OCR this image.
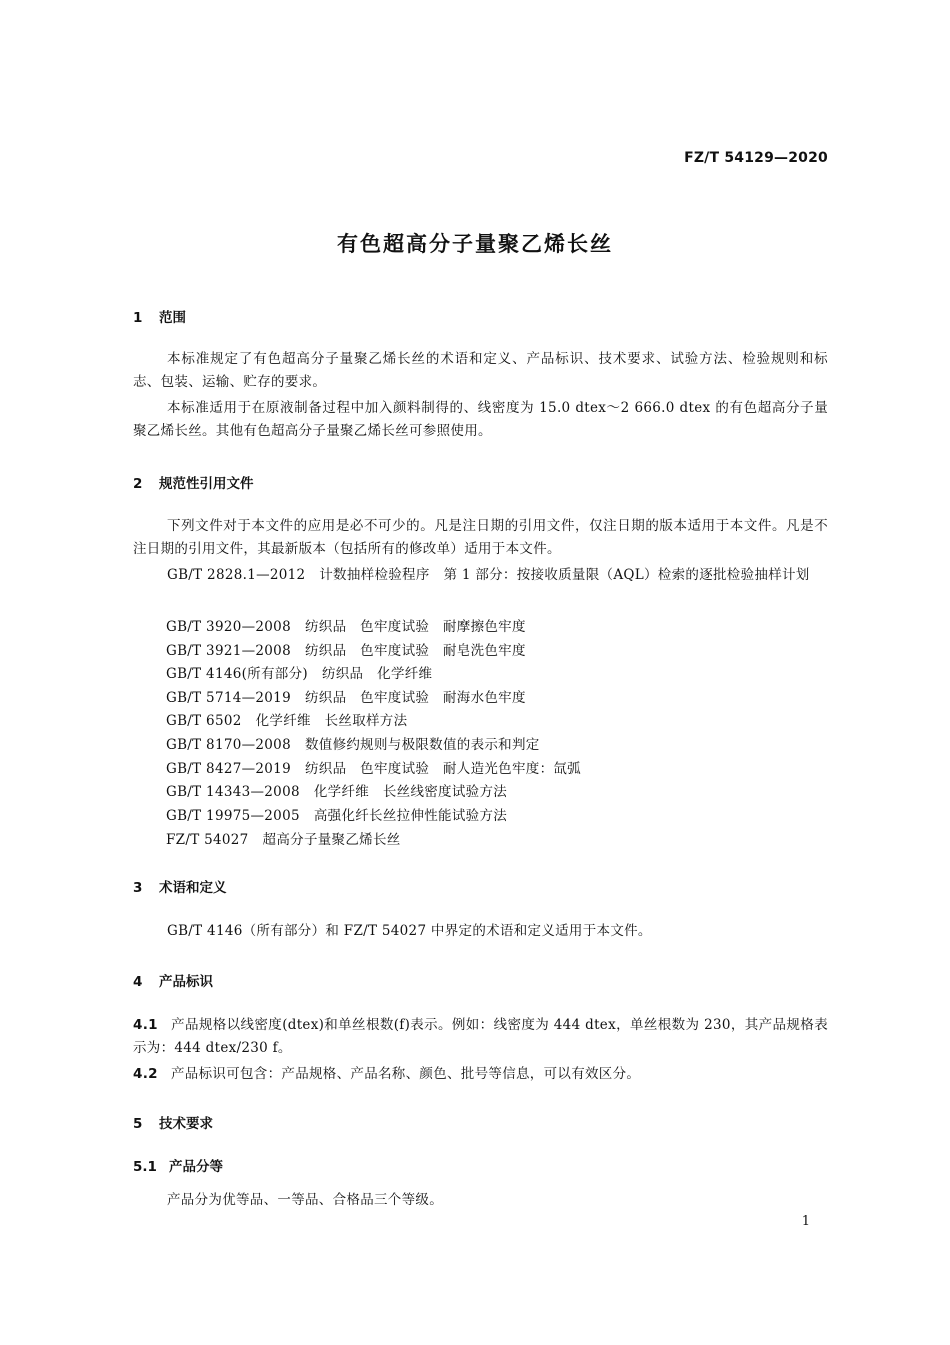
FZ/T 54129—2020
有色超高分子量聚乙烯长丝
1 范围
本标准规定了有色超高分子量聚乙烯长丝的术语和定义、产品标识、技术要求、试验方法、检验规则和标志、包装、运输、贮存的要求。
本标准适用于在原液制备过程中加入颜料制得的、线密度为 15.0 dtex～2 666.0 dtex 的有色超高分子量聚乙烯长丝。其他有色超高分子量聚乙烯长丝可参照使用。
2 规范性引用文件
下列文件对于本文件的应用是必不可少的。凡是注日期的引用文件，仅注日期的版本适用于本文件。凡是不注日期的引用文件，其最新版本（包括所有的修改单）适用于本文件。
GB/T 2828.1—2012　计数抽样检验程序　第 1 部分：按接收质量限（AQL）检索的逐批检验抽样计划
GB/T 3920—2008 纺织品　色牢度试验　耐摩擦色牢度
GB/T 3921—2008 纺织品　色牢度试验　耐皂洗色牢度
GB/T 4146(所有部分) 纺织品　化学纤维
GB/T 5714—2019 纺织品　色牢度试验　耐海水色牢度
GB/T 6502 化学纤维　长丝取样方法
GB/T 8170—2008 数值修约规则与极限数值的表示和判定
GB/T 8427—2019 纺织品　色牢度试验　耐人造光色牢度：氙弧
GB/T 14343—2008 化学纤维　长丝线密度试验方法
GB/T 19975—2005 高强化纤长丝拉伸性能试验方法
FZ/T 54027 超高分子量聚乙烯长丝
3 术语和定义
GB/T 4146（所有部分）和 FZ/T 54027 中界定的术语和定义适用于本文件。
4 产品标识
4.1 产品规格以线密度(dtex)和单丝根数(f)表示。例如：线密度为 444 dtex，单丝根数为 230，其产品规格表示为：444 dtex/230 f。
4.2 产品标识可包含：产品规格、产品名称、颜色、批号等信息，可以有效区分。
5 技术要求
5.1 产品分等
产品分为优等品、一等品、合格品三个等级。
1
